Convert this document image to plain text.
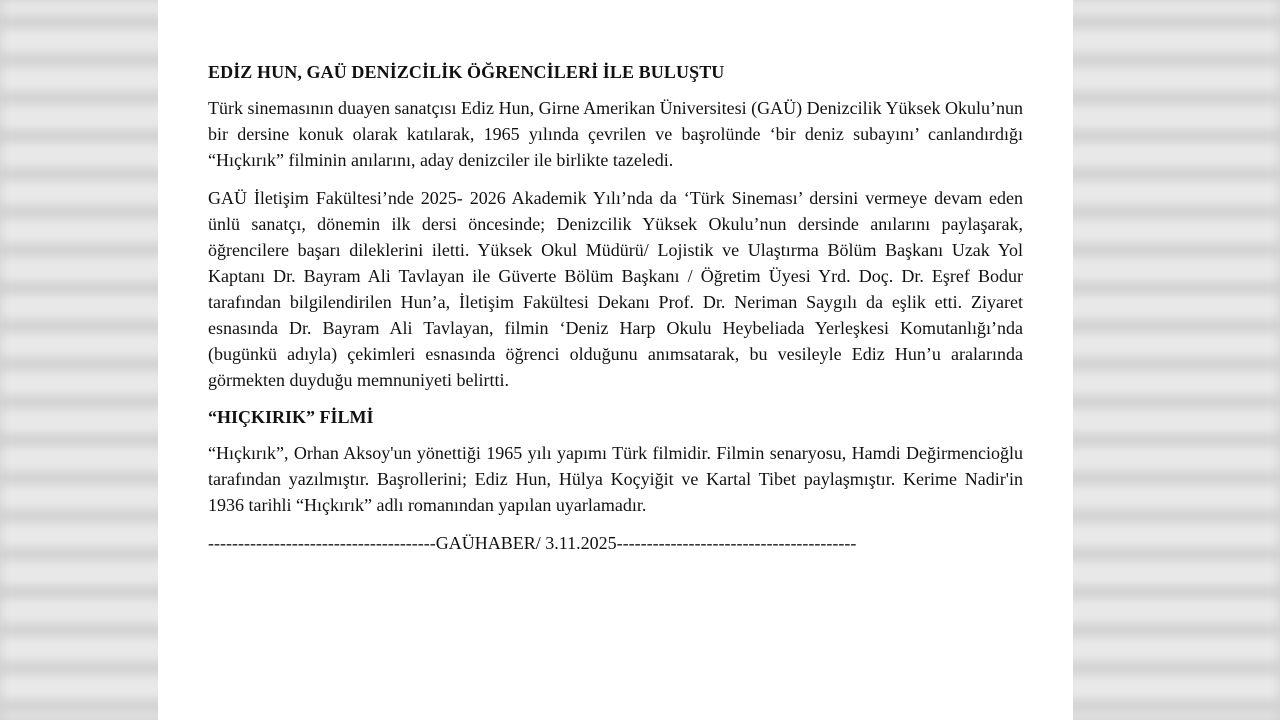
EDİZ HUN, GAÜ DENİZCİLİK ÖĞRENCİLERİ İLE BULUŞTU

Türk sinemasının duayen sanatçısı Ediz Hun, Girne Amerikan Üniversitesi (GAÜ) Denizcilik Yüksek Okulu’nun bir dersine konuk olarak katılarak, 1965 yılında çevrilen ve başrolünde ‘bir deniz subayını’ canlandırdığı “Hıçkırık” filminin anılarını, aday denizciler ile birlikte tazeledi.

GAÜ İletişim Fakültesi’nde 2025- 2026 Akademik Yılı’nda da ‘Türk Sineması’ dersini vermeye devam eden ünlü sanatçı, dönemin ilk dersi öncesinde; Denizcilik Yüksek Okulu’nun dersinde anılarını paylaşarak, öğrencilere başarı dileklerini iletti. Yüksek Okul Müdürü/ Lojistik ve Ulaştırma Bölüm Başkanı Uzak Yol Kaptanı Dr. Bayram Ali Tavlayan ile Güverte Bölüm Başkanı / Öğretim Üyesi Yrd. Doç. Dr. Eşref Bodur tarafından bilgilendirilen Hun’a, İletişim Fakültesi Dekanı Prof. Dr. Neriman Saygılı da eşlik etti. Ziyaret esnasında Dr. Bayram Ali Tavlayan, filmin ‘Deniz Harp Okulu Heybeliada Yerleşkesi Komutanlığı’nda (bugünkü adıyla) çekimleri esnasında öğrenci olduğunu anımsatarak, bu vesileyle Ediz Hun’u aralarında görmekten duyduğu memnuniyeti belirtti.

“HIÇKIRIK” FİLMİ

“Hıçkırık”, Orhan Aksoy'un yönettiği 1965 yılı yapımı Türk filmidir. Filmin senaryosu, Hamdi Değirmencioğlu tarafından yazılmıştır. Başrollerini; Ediz Hun, Hülya Koçyiğit ve Kartal Tibet paylaşmıştır. Kerime Nadir'in 1936 tarihli “Hıçkırık” adlı romanından yapılan uyarlamadır.

--------------------------------------GAÜHABER/ 3.11.2025----------------------------------------
